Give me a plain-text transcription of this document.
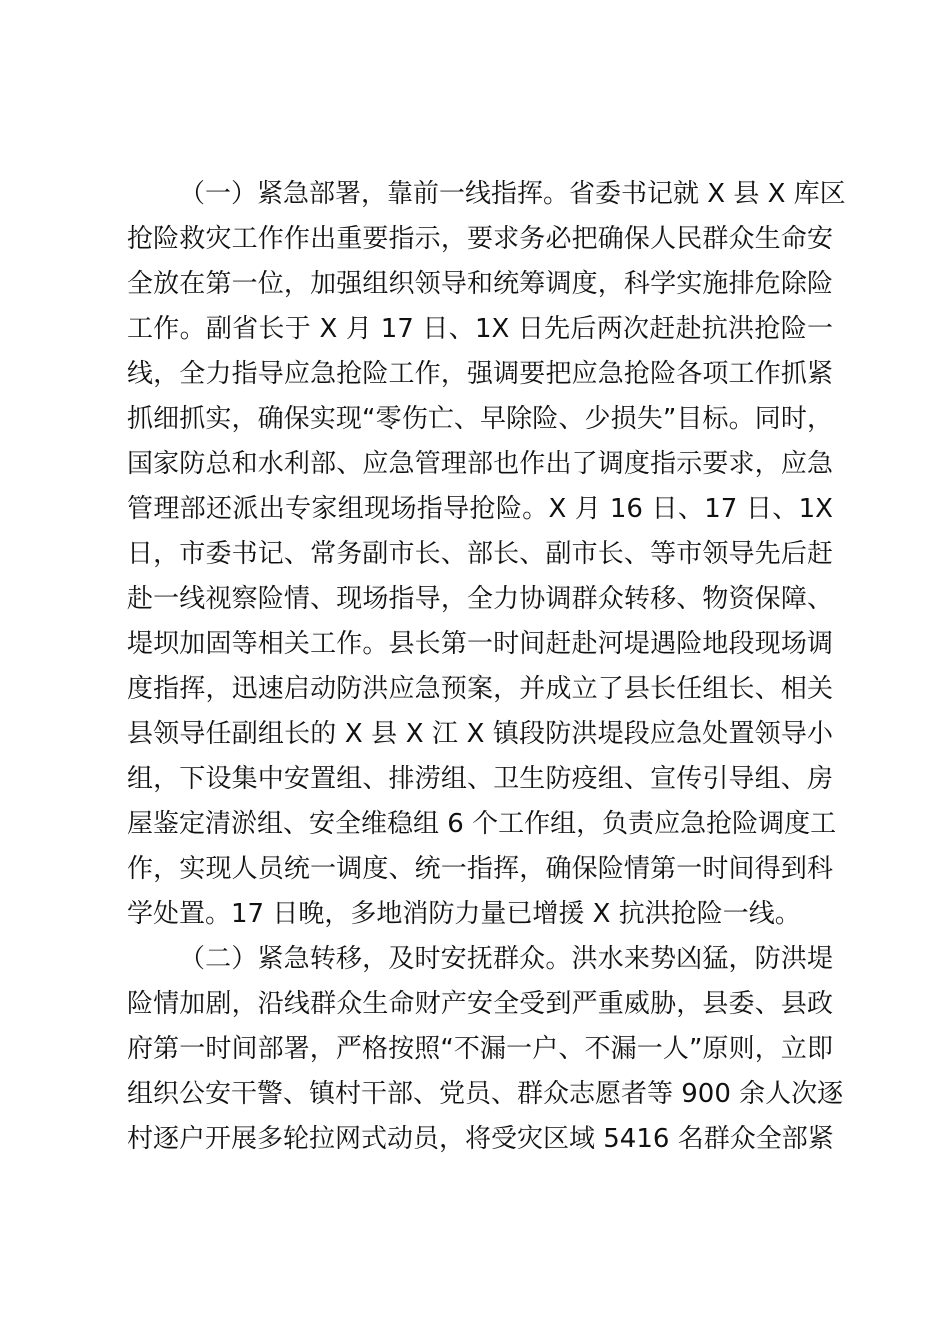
（一）紧急部署，靠前一线指挥。省委书记就 X 县 X 库区
抢险救灾工作作出重要指示，要求务必把确保人民群众生命安
全放在第一位，加强组织领导和统筹调度，科学实施排危除险
工作。副省长于 X 月 17 日、1X 日先后两次赶赴抗洪抢险一
线，全力指导应急抢险工作，强调要把应急抢险各项工作抓紧
抓细抓实，确保实现“零伤亡、早除险、少损失”目标。同时，
国家防总和水利部、应急管理部也作出了调度指示要求，应急
管理部还派出专家组现场指导抢险。X 月 16 日、17 日、1X
日，市委书记、常务副市长、部长、副市长、等市领导先后赶
赴一线视察险情、现场指导，全力协调群众转移、物资保障、
堤坝加固等相关工作。县长第一时间赶赴河堤遇险地段现场调
度指挥，迅速启动防洪应急预案，并成立了县长任组长、相关
县领导任副组长的 X 县 X 江 X 镇段防洪堤段应急处置领导小
组，下设集中安置组、排涝组、卫生防疫组、宣传引导组、房
屋鉴定清淤组、安全维稳组 6 个工作组，负责应急抢险调度工
作，实现人员统一调度、统一指挥，确保险情第一时间得到科
学处置。17 日晚，多地消防力量已增援 X 抗洪抢险一线。
（二）紧急转移，及时安抚群众。洪水来势凶猛，防洪堤
险情加剧，沿线群众生命财产安全受到严重威胁，县委、县政
府第一时间部署，严格按照“不漏一户、不漏一人”原则，立即
组织公安干警、镇村干部、党员、群众志愿者等 900 余人次逐
村逐户开展多轮拉网式动员，将受灾区域 5416 名群众全部紧
